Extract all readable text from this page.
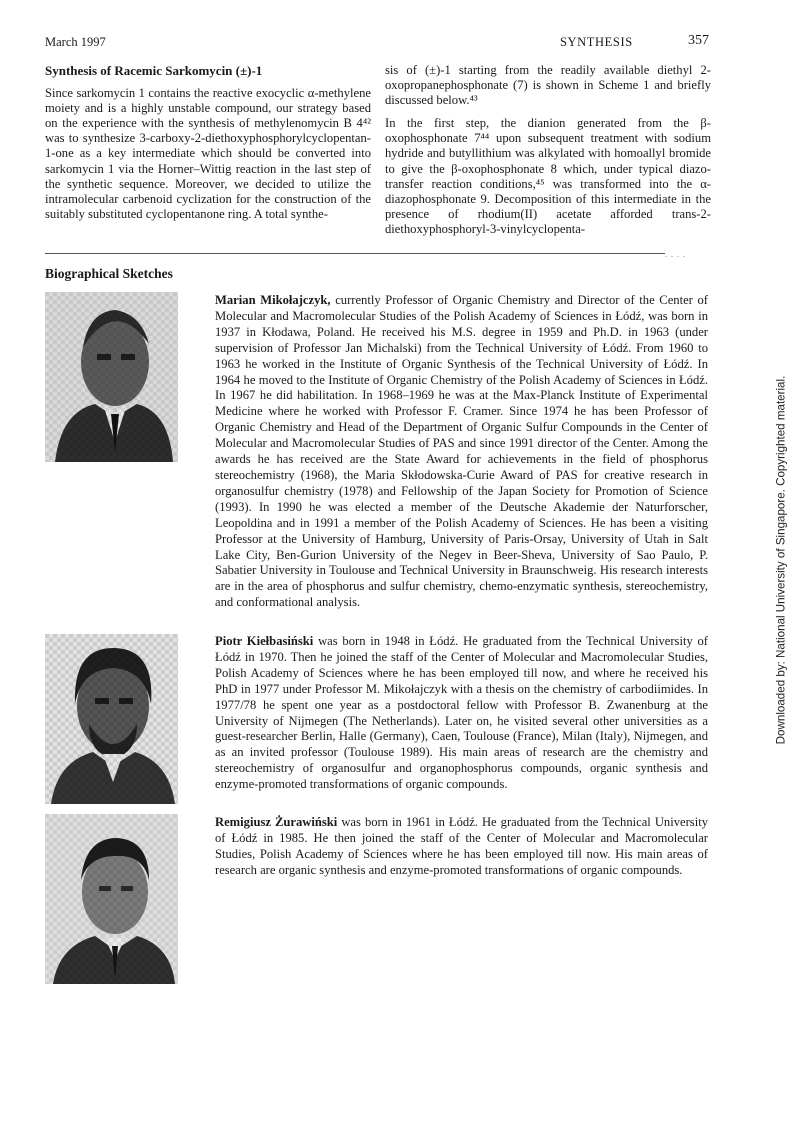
March 1997	SYNTHESIS	357
Synthesis of Racemic Sarkomycin (±)-1

Since sarkomycin 1 contains the reactive exocyclic α-methylene moiety and is a highly unstable compound, our strategy based on the experience with the synthesis of methylenomycin B 4⁴² was to synthesize 3-carboxy-2-diethoxyphosphorylcyclopentan-1-one as a key intermediate which should be converted into sarkomycin 1 via the Horner–Wittig reaction in the last step of the synthetic sequence. Moreover, we decided to utilize the intramolecular carbenoid cyclization for the construction of the suitably substituted cyclopentanone ring. A total synthe-

sis of (±)-1 starting from the readily available diethyl 2-oxopropanephosphonate (7) is shown in Scheme 1 and briefly discussed below.⁴³

In the first step, the dianion generated from the β-oxophosphonate 7⁴⁴ upon subsequent treatment with sodium hydride and butyllithium was alkylated with homoallyl bromide to give the β-oxophosphonate 8 which, under typical diazo-transfer reaction conditions,⁴⁵ was transformed into the α-diazophosphonate 9. Decomposition of this intermediate in the presence of rhodium(II) acetate afforded trans-2-diethoxyphosphoryl-3-vinylcyclopenta-

. . . .
Biographical Sketches

Marian Mikołajczyk, currently Professor of Organic Chemistry and Director of the Center of Molecular and Macromolecular Studies of the Polish Academy of Sciences in Łódź, was born in 1937 in Kłodawa, Poland. He received his M.S. degree in 1959 and Ph.D. in 1963 (under supervision of Professor Jan Michalski) from the Technical University of Łódź. From 1960 to 1963 he worked in the Institute of Organic Synthesis of the Technical University of Łódź. In 1964 he moved to the Institute of Organic Chemistry of the Polish Academy of Sciences in Łódź. In 1967 he did habilitation. In 1968–1969 he was at the Max-Planck Institute of Experimental Medicine where he worked with Professor F. Cramer. Since 1974 he has been Professor of Organic Chemistry and Head of the Department of Organic Sulfur Compounds in the Center of Molecular and Macromolecular Studies of PAS and since 1991 director of the Center. Among the awards he has received are the State Award for achievements in the field of phosphorus stereochemistry (1968), the Maria Skłodowska-Curie Award of PAS for creative research in organosulfur chemistry (1978) and Fellowship of the Japan Society for Promotion of Science (1993). In 1990 he was elected a member of the Deutsche Akademie der Naturforscher, Leopoldina and in 1991 a member of the Polish Academy of Sciences. He has been a visiting Professor at the University of Hamburg, University of Paris-Orsay, University of Utah in Salt Lake City, Ben-Gurion University of the Negev in Beer-Sheva, University of Sao Paulo, P. Sabatier University in Toulouse and Technical University in Braunschweig. His research interests are in the area of phosphorus and sulfur chemistry, chemo-enzymatic synthesis, stereochemistry, and conformational analysis.

Piotr Kiełbasiński was born in 1948 in Łódź. He graduated from the Technical University of Łódź in 1970. Then he joined the staff of the Center of Molecular and Macromolecular Studies, Polish Academy of Sciences where he has been employed till now, and where he received his PhD in 1977 under Professor M. Mikołajczyk with a thesis on the chemistry of carbodiimides. In 1977/78 he spent one year as a postdoctoral fellow with Professor B. Zwanenburg at the University of Nijmegen (The Netherlands). Later on, he visited several other universities as a guest-researcher Berlin, Halle (Germany), Caen, Toulouse (France), Milan (Italy), Nijmegen, and as an invited professor (Toulouse 1989). His main areas of research are the chemistry and stereochemistry of organosulfur and organophosphorus compounds, organic synthesis and enzyme-promoted transformations of organic compounds.

Remigiusz Żurawiński was born in 1961 in Łódź. He graduated from the Technical University of Łódź in 1985. He then joined the staff of the Center of Molecular and Macromolecular Studies, Polish Academy of Sciences where he has been employed till now. His main areas of research are organic synthesis and enzyme-promoted transformations of organic compounds.

Downloaded by: National University of Singapore. Copyrighted material.
